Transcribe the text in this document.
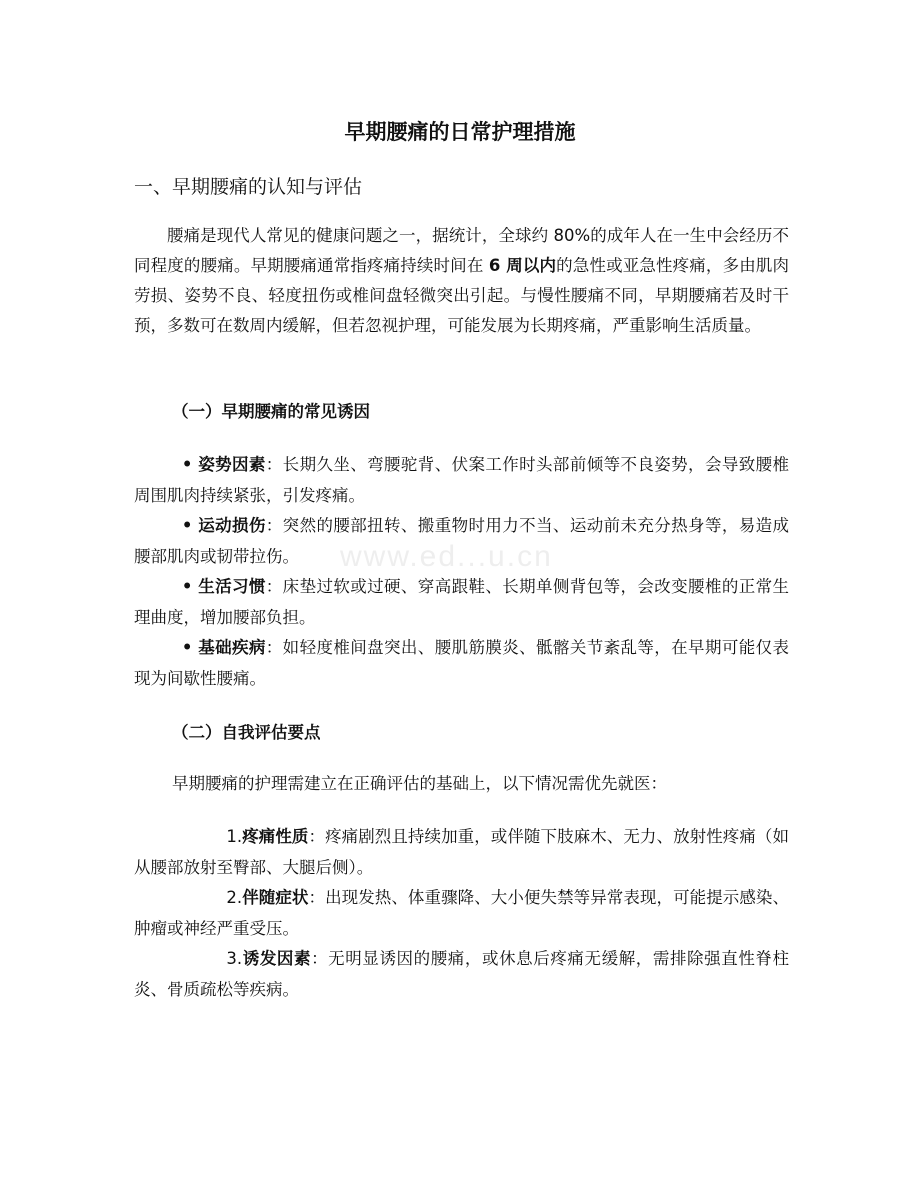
www.ed...u.cn
早期腰痛的日常护理措施
一、早期腰痛的认知与评估

腰痛是现代人常见的健康问题之一，据统计，全球约 80%的成年人在一生中会经历不同程度的腰痛。早期腰痛通常指疼痛持续时间在 6 周以内的急性或亚急性疼痛，多由肌肉劳损、姿势不良、轻度扭伤或椎间盘轻微突出引起。与慢性腰痛不同，早期腰痛若及时干预，多数可在数周内缓解，但若忽视护理，可能发展为长期疼痛，严重影响生活质量。

（一）早期腰痛的常见诱因
• 姿势因素：长期久坐、弯腰驼背、伏案工作时头部前倾等不良姿势，会导致腰椎周围肌肉持续紧张，引发疼痛。
• 运动损伤：突然的腰部扭转、搬重物时用力不当、运动前未充分热身等，易造成腰部肌肉或韧带拉伤。
• 生活习惯：床垫过软或过硬、穿高跟鞋、长期单侧背包等，会改变腰椎的正常生理曲度，增加腰部负担。
• 基础疾病：如轻度椎间盘突出、腰肌筋膜炎、骶髂关节紊乱等，在早期可能仅表现为间歇性腰痛。
（二）自我评估要点

早期腰痛的护理需建立在正确评估的基础上，以下情况需优先就医：

1.疼痛性质：疼痛剧烈且持续加重，或伴随下肢麻木、无力、放射性疼痛（如从腰部放射至臀部、大腿后侧）。
2.伴随症状：出现发热、体重骤降、大小便失禁等异常表现，可能提示感染、肿瘤或神经严重受压。
3.诱发因素：无明显诱因的腰痛，或休息后疼痛无缓解，需排除强直性脊柱炎、骨质疏松等疾病。
